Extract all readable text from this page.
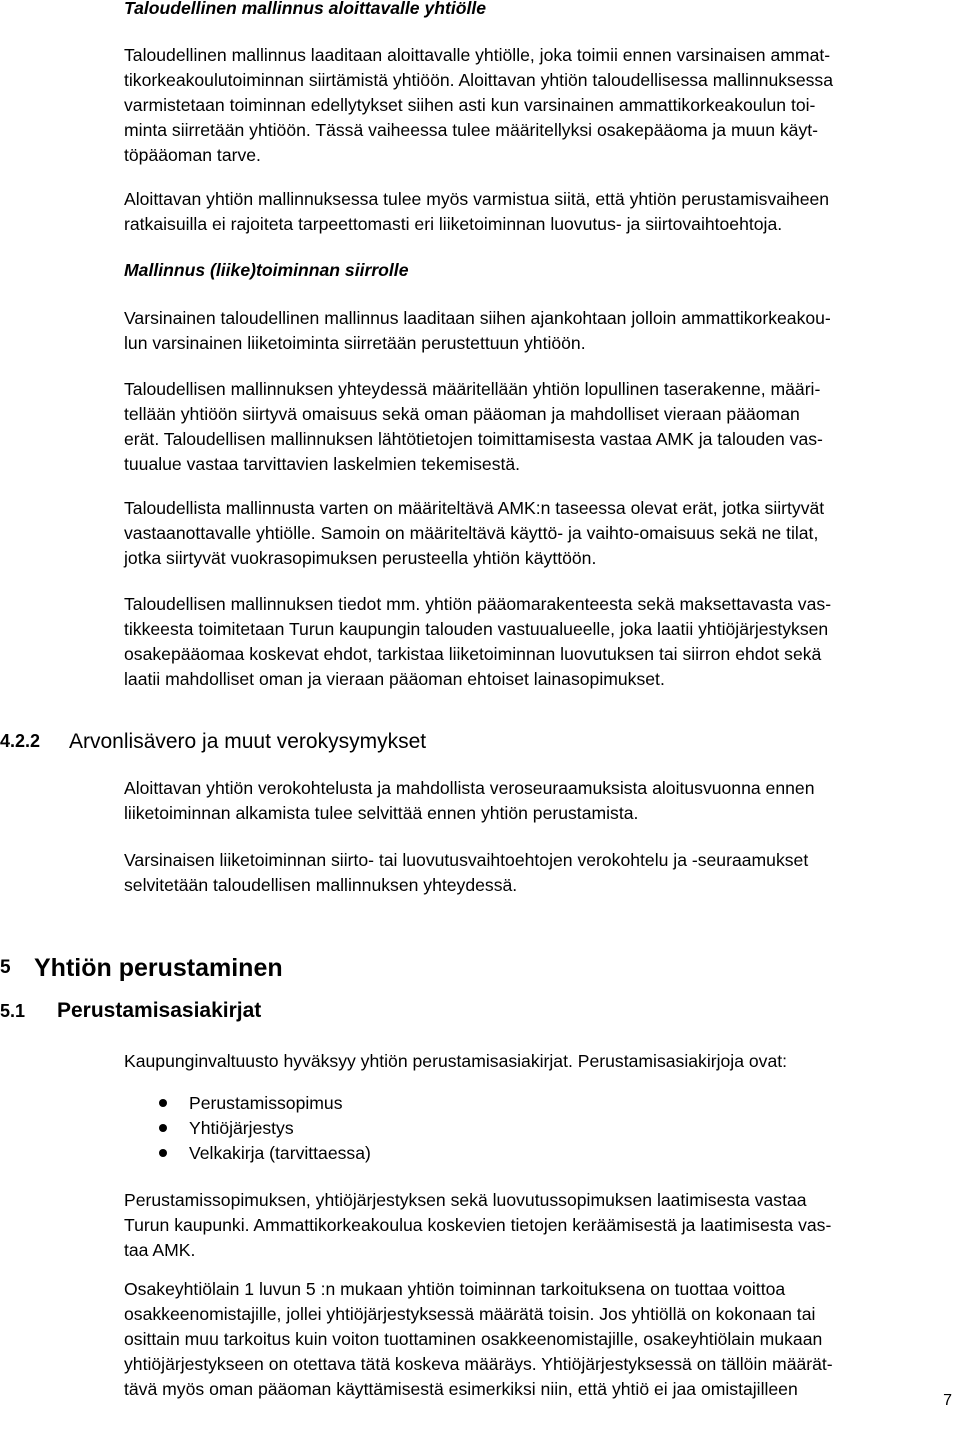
Taloudellinen mallinnus aloittavalle yhtiölle
Taloudellinen mallinnus laaditaan aloittavalle yhtiölle, joka toimii ennen varsinaisen ammat-
tikorkeakoulutoiminnan siirtämistä yhtiöön. Aloittavan yhtiön taloudellisessa mallinnuksessa
varmistetaan toiminnan edellytykset siihen asti kun varsinainen ammattikorkeakoulun toi-
minta siirretään yhtiöön. Tässä vaiheessa tulee määritellyksi osakepääoma ja muun käyt-
töpääoman tarve.
Aloittavan yhtiön mallinnuksessa tulee myös varmistua siitä, että yhtiön perustamisvaiheen
ratkaisuilla ei rajoiteta tarpeettomasti eri liiketoiminnan luovutus- ja siirtovaihtoehtoja.
Mallinnus (liike)toiminnan siirrolle
Varsinainen taloudellinen mallinnus laaditaan siihen ajankohtaan jolloin ammattikorkeakou-
lun varsinainen liiketoiminta siirretään perustettuun yhtiöön.
Taloudellisen mallinnuksen yhteydessä määritellään yhtiön lopullinen taserakenne, määri-
tellään yhtiöön siirtyvä omaisuus sekä oman pääoman ja mahdolliset vieraan pääoman
erät. Taloudellisen mallinnuksen lähtötietojen toimittamisesta vastaa AMK ja talouden vas-
tuualue vastaa tarvittavien laskelmien tekemisestä.
Taloudellista mallinnusta varten on määriteltävä AMK:n taseessa olevat erät, jotka siirtyvät
vastaanottavalle yhtiölle. Samoin on määriteltävä käyttö- ja vaihto-omaisuus sekä ne tilat,
jotka siirtyvät vuokrasopimuksen perusteella yhtiön käyttöön.
Taloudellisen mallinnuksen tiedot mm. yhtiön pääomarakenteesta sekä maksettavasta vas-
tikkeesta toimitetaan Turun kaupungin talouden vastuualueelle, joka laatii yhtiöjärjestyksen
osakepääomaa koskevat ehdot, tarkistaa liiketoiminnan luovutuksen tai siirron ehdot sekä
laatii mahdolliset oman ja vieraan pääoman ehtoiset lainasopimukset.
4.2.2 Arvonlisävero ja muut verokysymykset
Aloittavan yhtiön verokohtelusta ja mahdollista veroseuraamuksista aloitusvuonna ennen
liiketoiminnan alkamista tulee selvittää ennen yhtiön perustamista.
Varsinaisen liiketoiminnan siirto- tai luovutusvaihtoehtojen verokohtelu ja -seuraamukset
selvitetään taloudellisen mallinnuksen yhteydessä.
5 Yhtiön perustaminen
5.1 Perustamisasiakirjat
Kaupunginvaltuusto hyväksyy yhtiön perustamisasiakirjat. Perustamisasiakirjoja ovat:
Perustamissopimus
Yhtiöjärjestys
Velkakirja (tarvittaessa)
Perustamissopimuksen, yhtiöjärjestyksen sekä luovutussopimuksen laatimisesta vastaa
Turun kaupunki. Ammattikorkeakoulua koskevien tietojen keräämisestä ja laatimisesta vas-
taa AMK.
Osakeyhtiölain 1 luvun 5 :n mukaan yhtiön toiminnan tarkoituksena on tuottaa voittoa
osakkeenomistajille, jollei yhtiöjärjestyksessä määrätä toisin. Jos yhtiöllä on kokonaan tai
osittain muu tarkoitus kuin voiton tuottaminen osakkeenomistajille, osakeyhtiölain mukaan
yhtiöjärjestykseen on otettava tätä koskeva määräys. Yhtiöjärjestyksessä on tällöin määrät-
tävä myös oman pääoman käyttämisestä esimerkiksi niin, että yhtiö ei jaa omistajilleen
7
